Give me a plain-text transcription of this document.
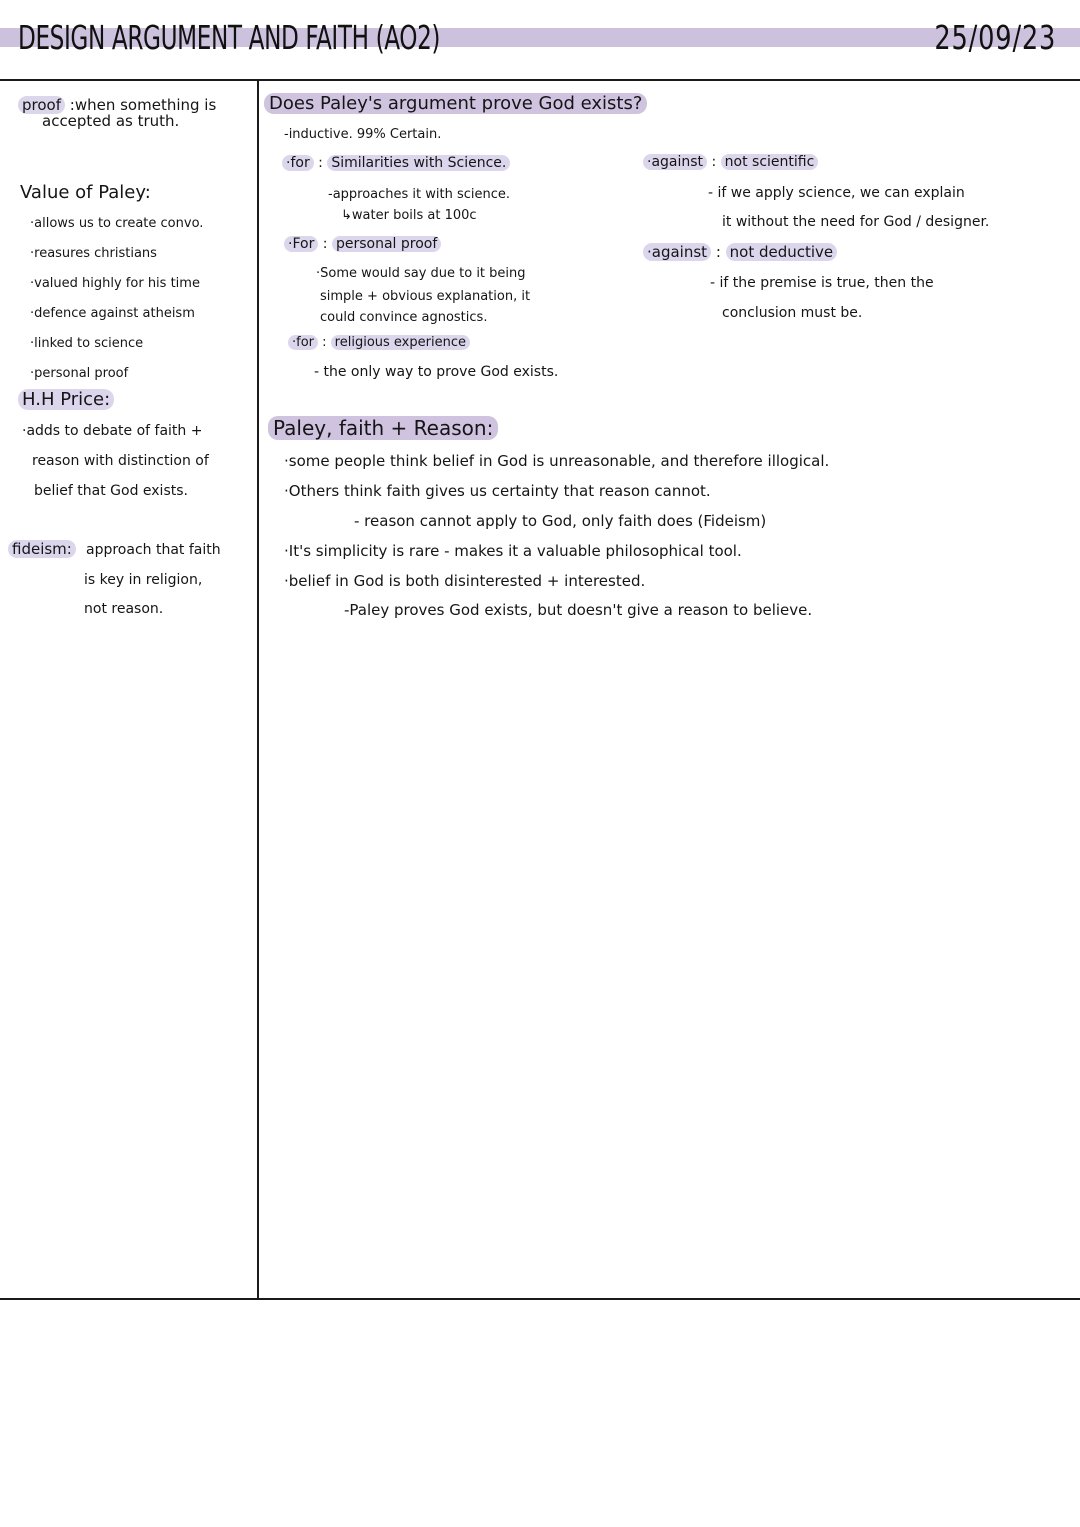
DESIGN ARGUMENT AND FAITH (AO2)	25/09/23
proof :when something is
accepted as truth.
Value of Paley:
·allows us to create convo.
·reasures christians
·valued highly for his time
·defence against atheism
·linked to science
·personal proof
H.H Price:
·adds to debate of faith +
reason with distinction of
belief that God exists.
fideism: approach that faith
is key in religion,
not reason.
Does Paley's argument prove God exists?
-inductive. 99% Certain.
·for : Similarities with Science.
-approaches it with science.
↳water boils at 100c
·For : personal proof
·Some would say due to it being
simple + obvious explanation, it
could convince agnostics.
·for : religious experience
- the only way to prove God exists.
·against : not scientific
- if we apply science, we can explain
it without the need for God / designer.
·against : not deductive
- if the premise is true, then the
conclusion must be.
Paley, faith + Reason:
·some people think belief in God is unreasonable, and therefore illogical.
·Others think faith gives us certainty that reason cannot.
- reason cannot apply to God, only faith does (Fideism)
·It's simplicity is rare - makes it a valuable philosophical tool.
·belief in God is both disinterested + interested.
-Paley proves God exists, but doesn't give a reason to believe.
